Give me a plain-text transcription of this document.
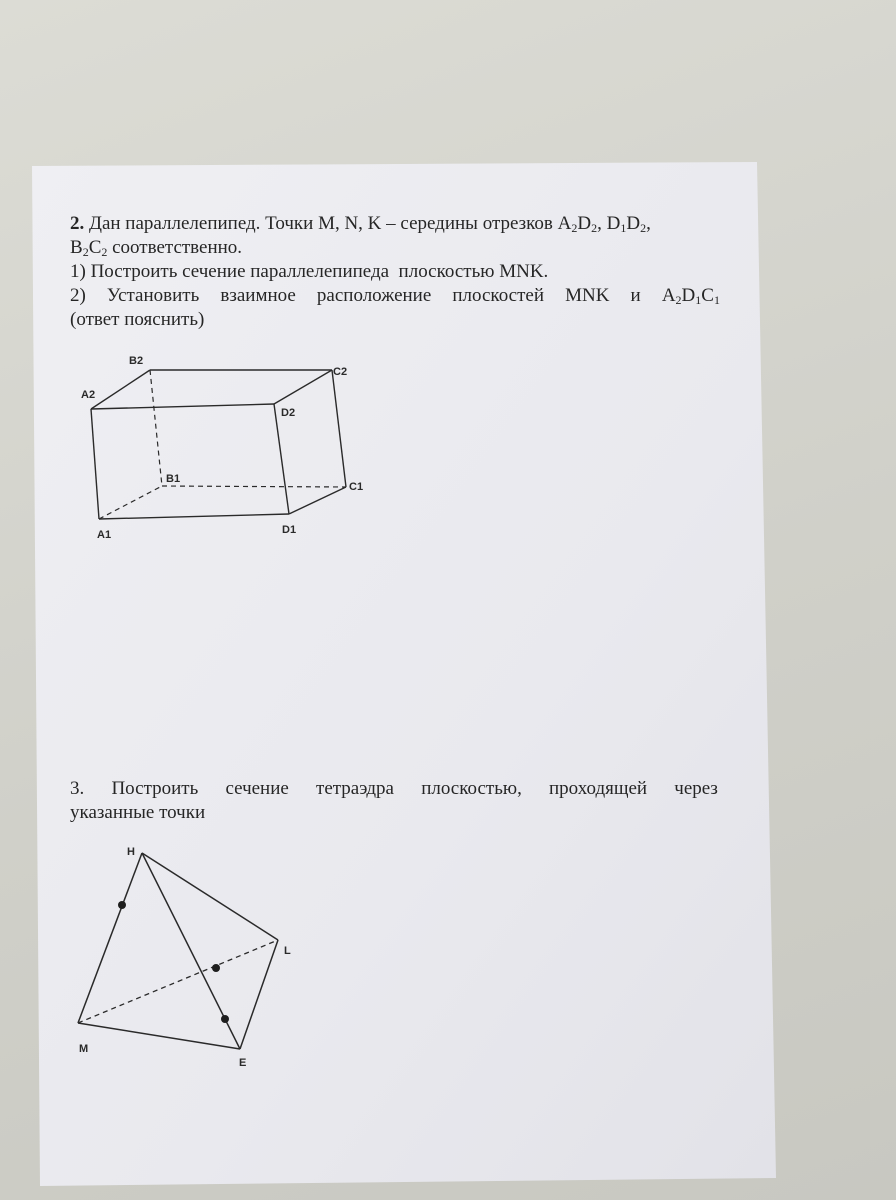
2. Дан параллелепипед. Точки M, N, K – середины отрезков $A_2D_2$, $D_1D_2$,
$B_2C_2$ соответственно.
1) Построить сечение параллелепипеда  плоскостью MNK.
2) Установить взаимное расположение плоскостей MNK и $A_2D_1C_1$
(ответ пояснить)
A2
B2
C2
D2
B1
C1
A1	D1
3. Построить сечение тетраэдра плоскостью, проходящей через
указанные точки
H
L
M
E
